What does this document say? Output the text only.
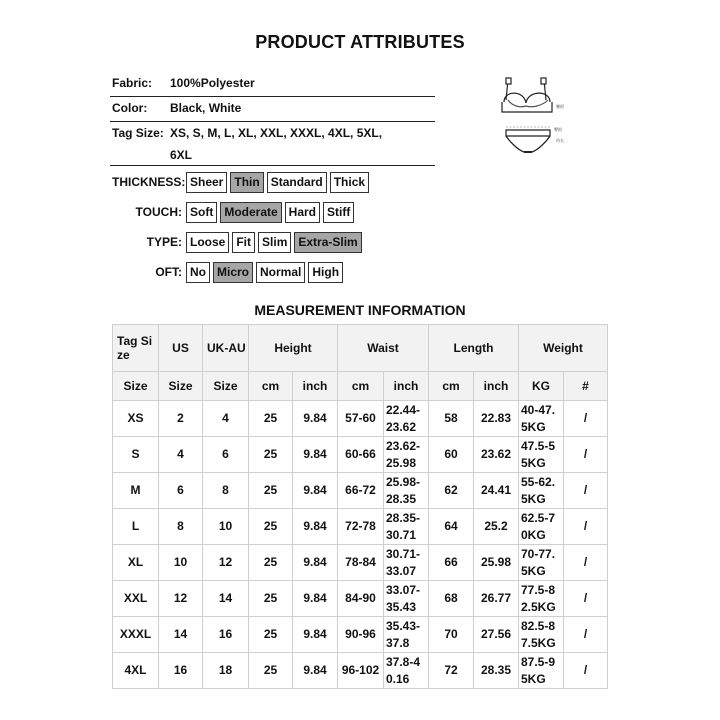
PRODUCT ATTRIBUTES
Fabric: 100%Polyester
Color: Black, White
Tag Size: XS, S, M, L, XL, XXL, XXXL, 4XL, 5XL,
6XL
THICKNESS: Sheer Thin Standard Thick
TOUCH: Soft Moderate Hard Stiff
TYPE: Loose Fit Slim Extra-Slim
OFT: No Micro Normal High
腰围
臀围
裆长
MEASUREMENT INFORMATION
Tag Size	US	UK-AU	Height		Waist		Length		Weight	
Size	Size	Size	cm	inch	cm	inch	cm	inch	KG	#
XS	2	4	25	9.84	57-60	22.44-23.62	58	22.83	40-47.5KG	/
S	4	6	25	9.84	60-66	23.62-25.98	60	23.62	47.5-55KG	/
M	6	8	25	9.84	66-72	25.98-28.35	62	24.41	55-62.5KG	/
L	8	10	25	9.84	72-78	28.35-30.71	64	25.2	62.5-70KG	/
XL	10	12	25	9.84	78-84	30.71-33.07	66	25.98	70-77.5KG	/
XXL	12	14	25	9.84	84-90	33.07-35.43	68	26.77	77.5-82.5KG	/
XXXL	14	16	25	9.84	90-96	35.43-37.8	70	27.56	82.5-87.5KG	/
4XL	16	18	25	9.84	96-102	37.8-40.16	72	28.35	87.5-95KG	/
